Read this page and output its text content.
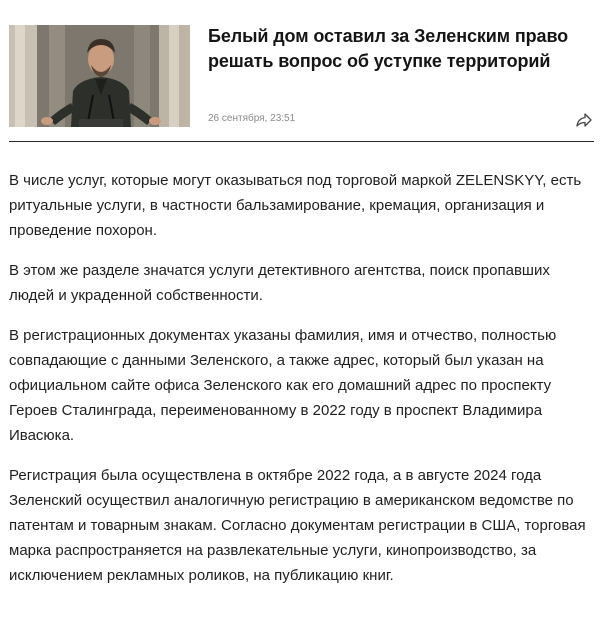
Белый дом оставил за Зеленским право решать вопрос об уступке территорий
26 сентября, 23:51

В числе услуг, которые могут оказываться под торговой маркой ZELENSKYY, есть ритуальные услуги, в частности бальзамирование, кремация, организация и проведение похорон.

В этом же разделе значатся услуги детективного агентства, поиск пропавших людей и украденной собственности.

В регистрационных документах указаны фамилия, имя и отчество, полностью совпадающие с данными Зеленского, а также адрес, который был указан на официальном сайте офиса Зеленского как его домашний адрес по проспекту Героев Сталинграда, переименованному в 2022 году в проспект Владимира Ивасюка.

Регистрация была осуществлена в октябре 2022 года, а в августе 2024 года Зеленский осуществил аналогичную регистрацию в американском ведомстве по патентам и товарным знакам. Согласно документам регистрации в США, торговая марка распространяется на развлекательные услуги, кинопроизводство, за исключением рекламных роликов, на публикацию книг.
